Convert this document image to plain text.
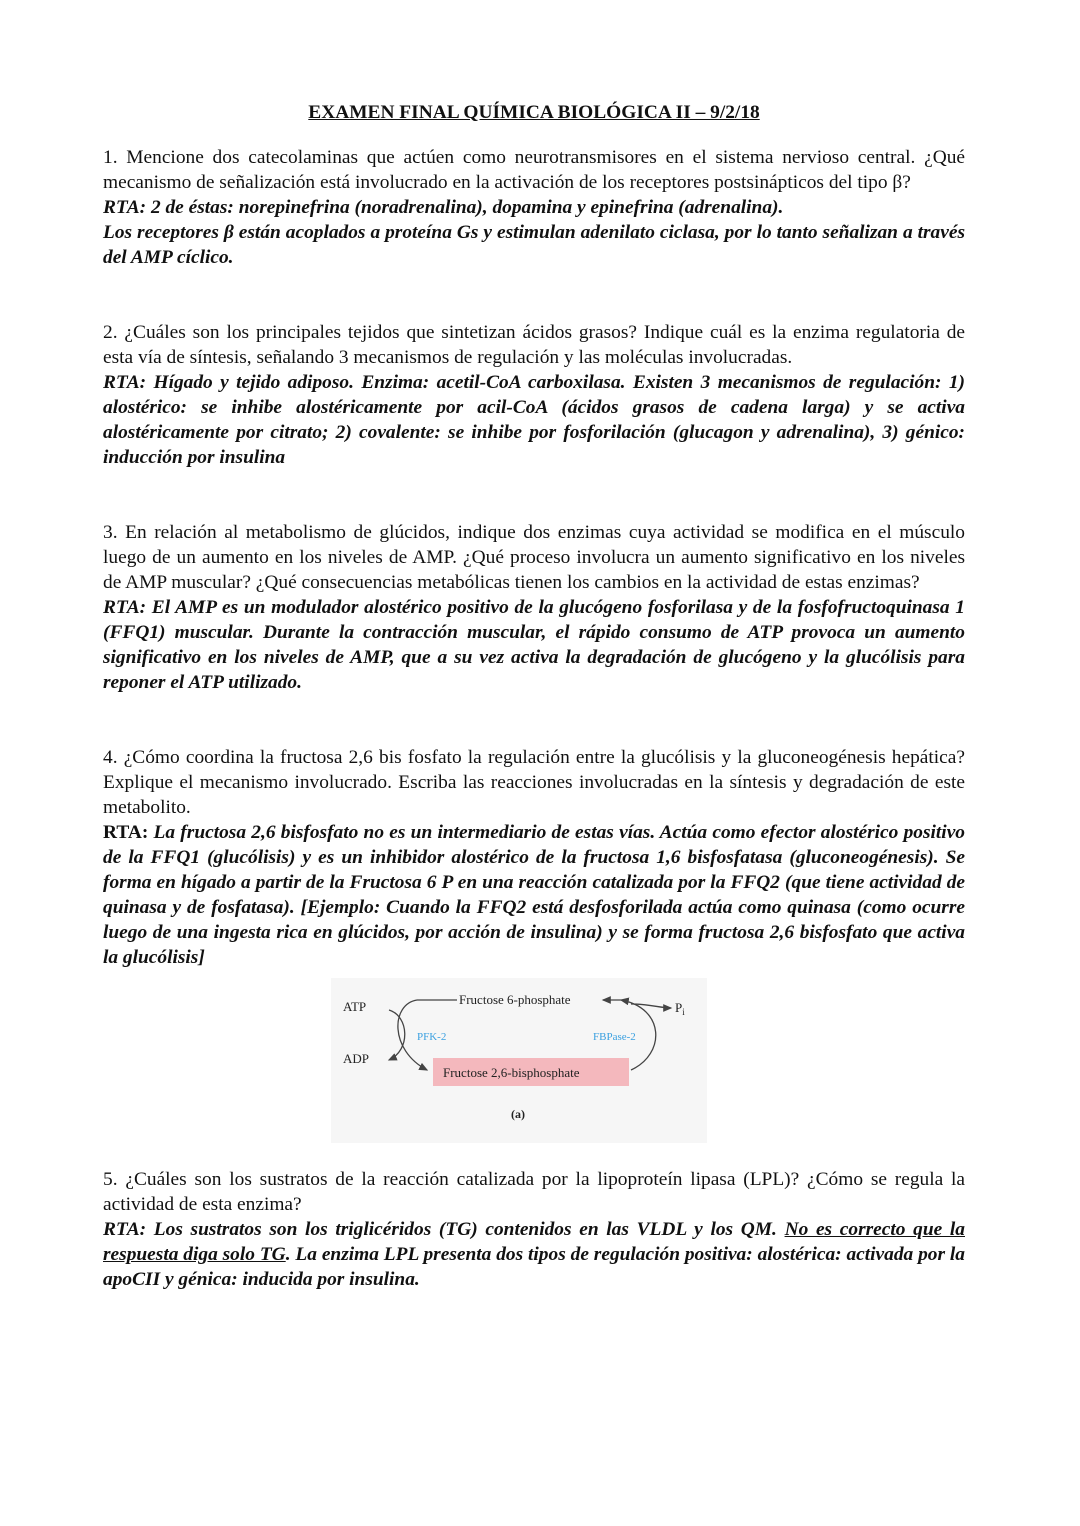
EXAMEN FINAL QUÍMICA BIOLÓGICA II – 9/2/18

1. Mencione dos catecolaminas que actúen como neurotransmisores en el sistema nervioso central. ¿Qué mecanismo de señalización está involucrado en la activación de los receptores postsinápticos del tipo β?

RTA: 2 de éstas: norepinefrina (noradrenalina), dopamina y epinefrina (adrenalina).

Los receptores β están acoplados a proteína Gs y estimulan adenilato ciclasa, por lo tanto señalizan a través del AMP cíclico.

2. ¿Cuáles son los principales tejidos que sintetizan ácidos grasos? Indique cuál es la enzima regulatoria de esta vía de síntesis, señalando 3 mecanismos de regulación y las moléculas involucradas.

RTA: Hígado y tejido adiposo. Enzima: acetil-CoA carboxilasa. Existen 3 mecanismos de regulación: 1) alostérico: se inhibe alostéricamente por acil-CoA (ácidos grasos de cadena larga) y se activa alostéricamente por citrato; 2) covalente: se inhibe por fosforilación (glucagon y adrenalina), 3) génico: inducción por insulina

3. En relación al metabolismo de glúcidos, indique dos enzimas cuya actividad se modifica en el músculo luego de un aumento en los niveles de AMP. ¿Qué proceso involucra un aumento significativo en los niveles de AMP muscular? ¿Qué consecuencias metabólicas tienen los cambios en la actividad de estas enzimas?

RTA: El AMP es un modulador alostérico positivo de la glucógeno fosforilasa y de la fosfofructoquinasa 1 (FFQ1) muscular. Durante la contracción muscular, el rápido consumo de ATP provoca un aumento significativo en los niveles de AMP, que a su vez activa la degradación de glucógeno y la glucólisis para reponer el ATP utilizado.

4. ¿Cómo coordina la fructosa 2,6 bis fosfato la regulación entre la glucólisis y la gluconeogénesis hepática? Explique el mecanismo involucrado. Escriba las reacciones involucradas en la síntesis y degradación de este metabolito.

RTA: La fructosa 2,6 bisfosfato no es un intermediario de estas vías. Actúa como efector alostérico positivo de la FFQ1 (glucólisis) y es un inhibidor alostérico de la fructosa 1,6 bisfosfatasa (gluconeogénesis). Se forma en hígado a partir de la Fructosa 6 P en una reacción catalizada por la FFQ2 (que tiene actividad de quinasa y de fosfatasa). [Ejemplo: Cuando la FFQ2 está desfosforilada actúa como quinasa (como ocurre luego de una ingesta rica en glúcidos, por acción de insulina) y se forma fructosa 2,6 bisfosfato que activa la glucólisis]

ATP
ADP
Fructose 6-phosphate
$P_i$
PFK-2	FBPase-2
Fructose 2,6-bisphosphate
(a)

5. ¿Cuáles son los sustratos de la reacción catalizada por la lipoproteín lipasa (LPL)? ¿Cómo se regula la actividad de esta enzima?

RTA: Los sustratos son los triglicéridos (TG) contenidos en las VLDL y los QM. No es correcto que la respuesta diga solo TG. La enzima LPL presenta dos tipos de regulación positiva: alostérica: activada por la apoCII y génica: inducida por insulina.
